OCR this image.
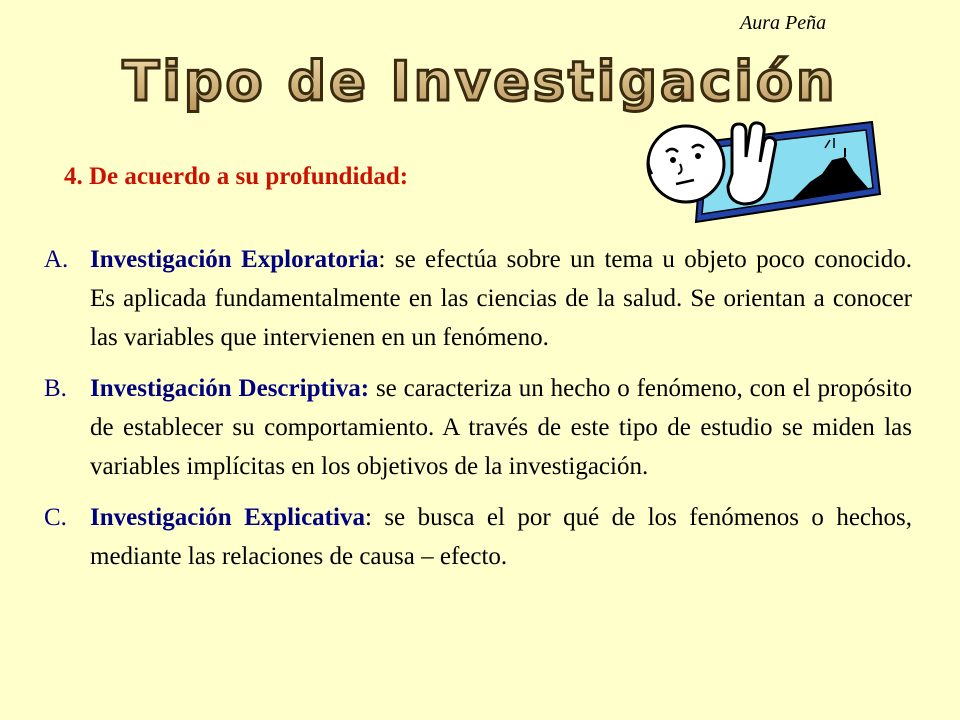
Aura Peña
Tipo de Investigación
4. De acuerdo a su profundidad:
A. Investigación Exploratoria: se efectúa sobre un tema u objeto poco conocido. Es aplicada fundamentalmente en las ciencias de la salud. Se orientan a conocer las variables que intervienen en un fenómeno.
B. Investigación Descriptiva: se caracteriza un hecho o fenómeno, con el propósito de establecer su comportamiento. A través de este tipo de estudio se miden las variables implícitas en los objetivos de la investigación.
C. Investigación Explicativa: se busca el por qué de los fenómenos o hechos, mediante las relaciones de causa – efecto.
